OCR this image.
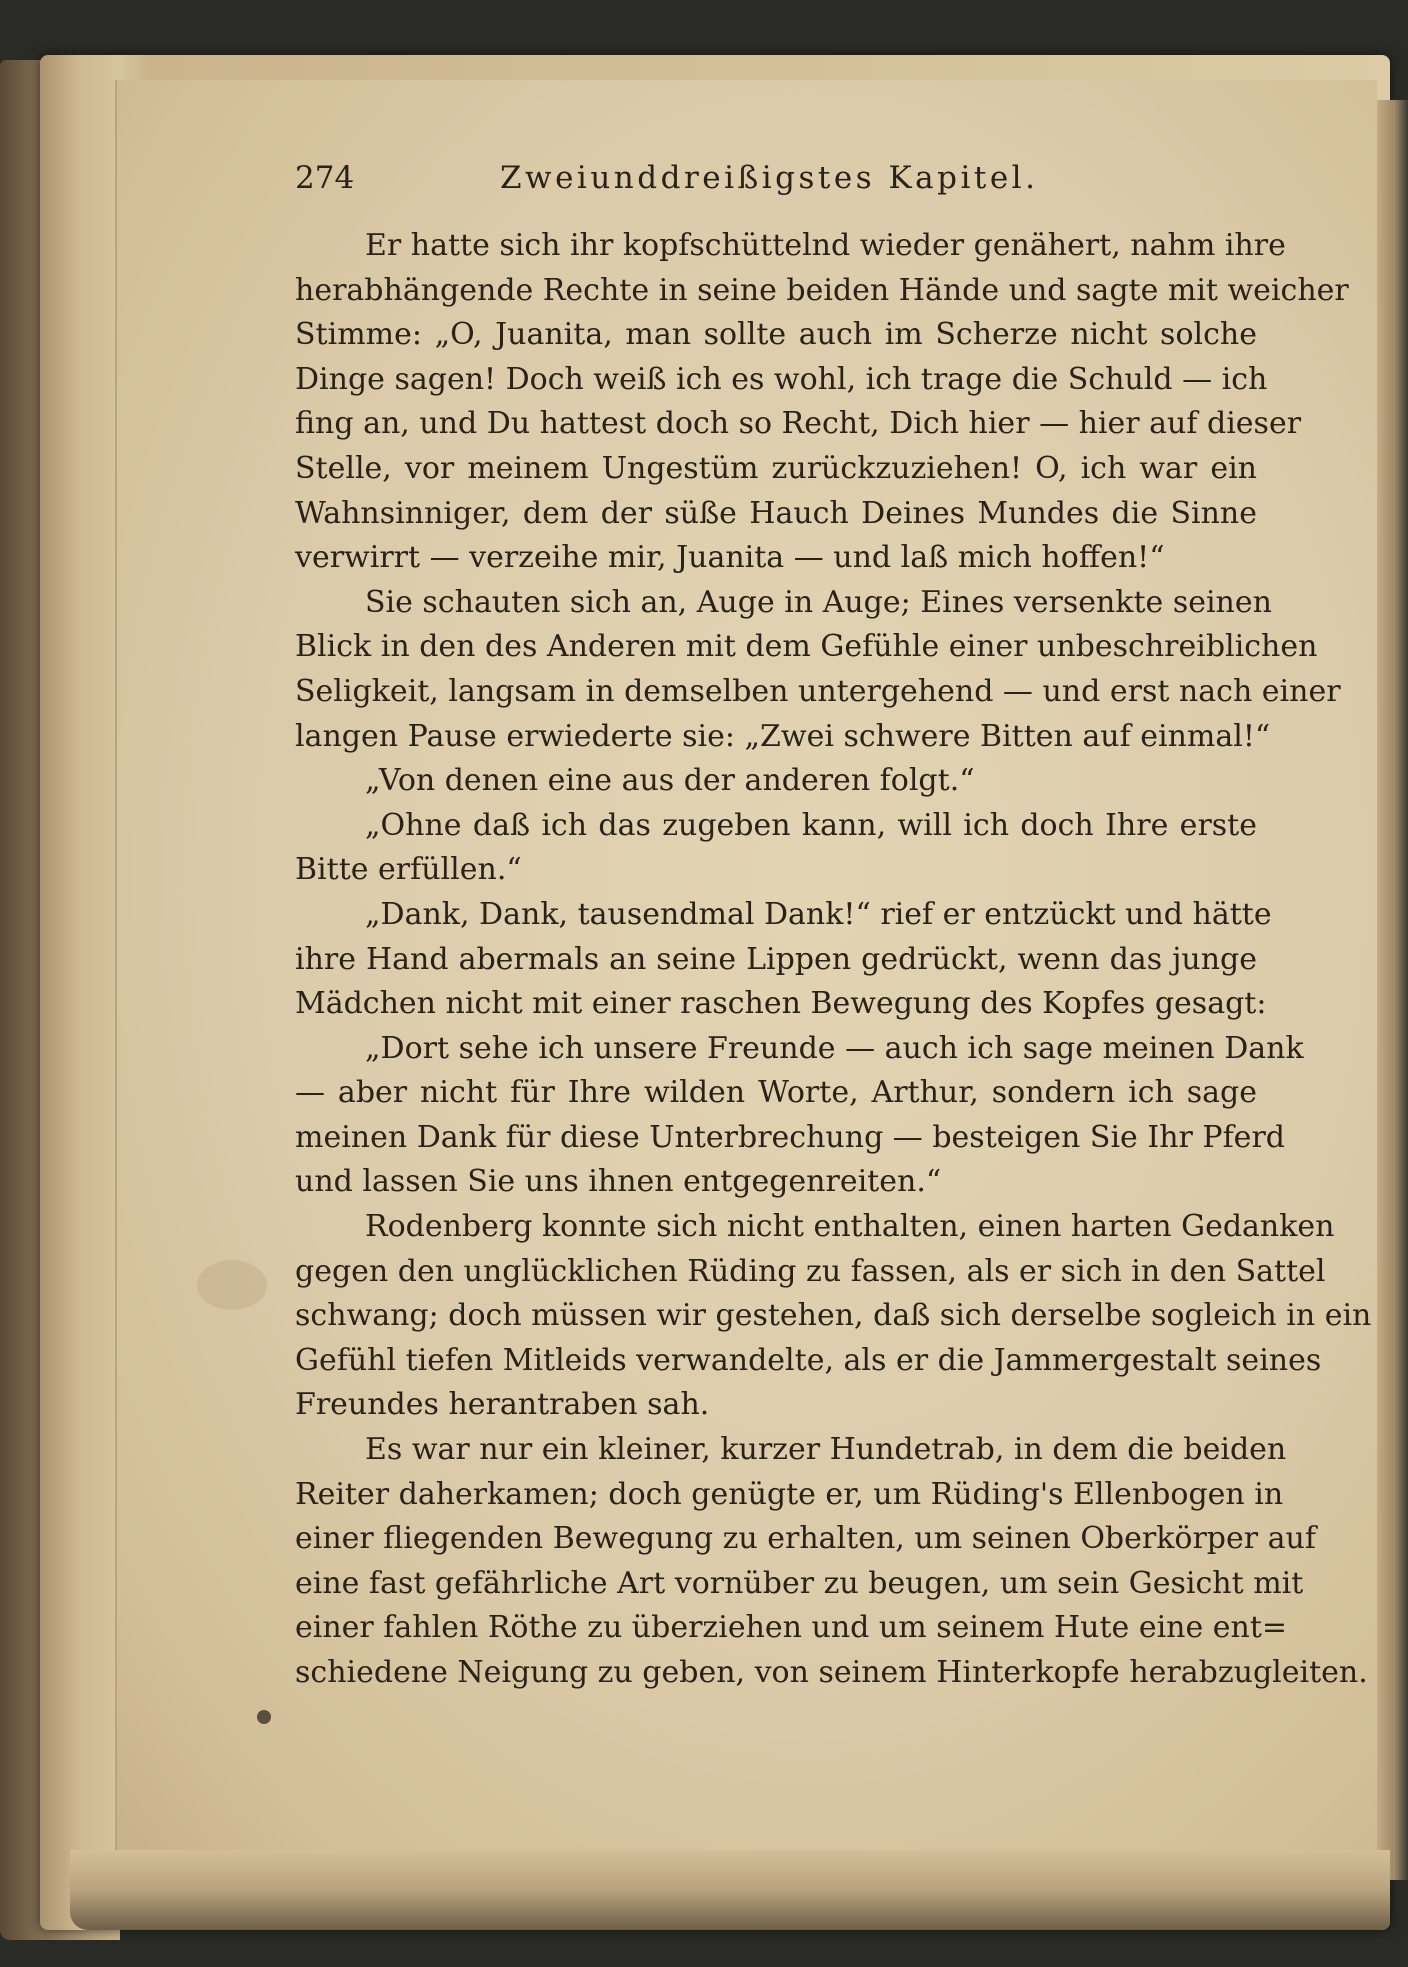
274	Zweiunddreißigstes Kapitel.
Er hatte sich ihr kopfschüttelnd wieder genähert, nahm ihre
herabhängende Rechte in seine beiden Hände und sagte mit weicher
Stimme: „O, Juanita, man sollte auch im Scherze nicht solche
Dinge sagen! Doch weiß ich es wohl, ich trage die Schuld — ich
fing an, und Du hattest doch so Recht, Dich hier — hier auf dieser
Stelle, vor meinem Ungestüm zurückzuziehen! O, ich war ein
Wahnsinniger, dem der süße Hauch Deines Mundes die Sinne
verwirrt — verzeihe mir, Juanita — und laß mich hoffen!“
Sie schauten sich an, Auge in Auge; Eines versenkte seinen
Blick in den des Anderen mit dem Gefühle einer unbeschreiblichen
Seligkeit, langsam in demselben untergehend — und erst nach einer
langen Pause erwiederte sie: „Zwei schwere Bitten auf einmal!“
„Von denen eine aus der anderen folgt.“
„Ohne daß ich das zugeben kann, will ich doch Ihre erste
Bitte erfüllen.“
„Dank, Dank, tausendmal Dank!“ rief er entzückt und hätte
ihre Hand abermals an seine Lippen gedrückt, wenn das junge
Mädchen nicht mit einer raschen Bewegung des Kopfes gesagt:
„Dort sehe ich unsere Freunde — auch ich sage meinen Dank
— aber nicht für Ihre wilden Worte, Arthur, sondern ich sage
meinen Dank für diese Unterbrechung — besteigen Sie Ihr Pferd
und lassen Sie uns ihnen entgegenreiten.“
Rodenberg konnte sich nicht enthalten, einen harten Gedanken
gegen den unglücklichen Rüding zu fassen, als er sich in den Sattel
schwang; doch müssen wir gestehen, daß sich derselbe sogleich in ein
Gefühl tiefen Mitleids verwandelte, als er die Jammergestalt seines
Freundes herantraben sah.
Es war nur ein kleiner, kurzer Hundetrab, in dem die beiden
Reiter daherkamen; doch genügte er, um Rüding's Ellenbogen in
einer fliegenden Bewegung zu erhalten, um seinen Oberkörper auf
eine fast gefährliche Art vornüber zu beugen, um sein Gesicht mit
einer fahlen Röthe zu überziehen und um seinem Hute eine ent=
schiedene Neigung zu geben, von seinem Hinterkopfe herabzugleiten.
